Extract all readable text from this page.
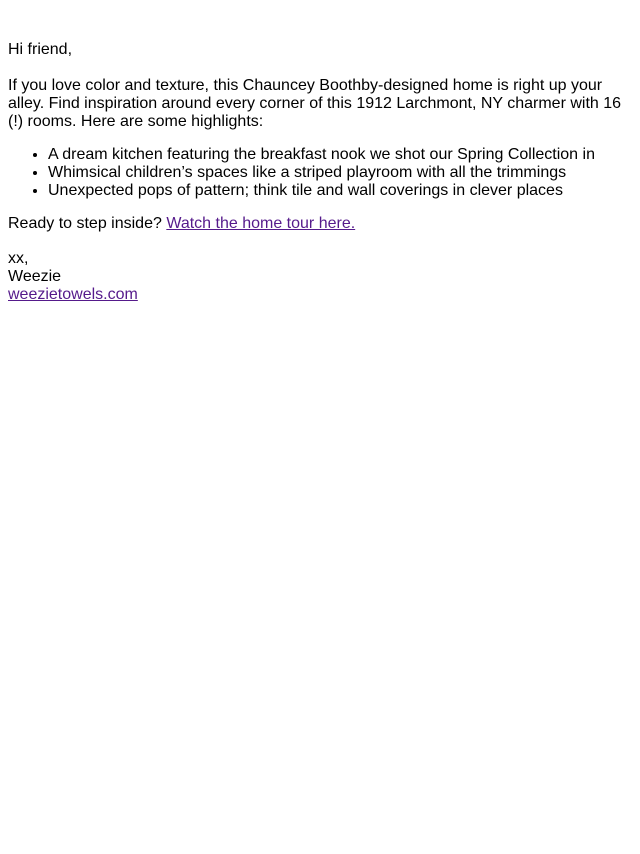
Hi friend,

If you love color and texture, this Chauncey Boothby-designed home is right up your alley. Find inspiration around every corner of this 1912 Larchmont, NY charmer with 16 (!) rooms. Here are some highlights:

• A dream kitchen featuring the breakfast nook we shot our Spring Collection in
• Whimsical children’s spaces like a striped playroom with all the trimmings
• Unexpected pops of pattern; think tile and wall coverings in clever places

Ready to step inside? Watch the home tour here.

xx,
Weezie
weezietowels.com
